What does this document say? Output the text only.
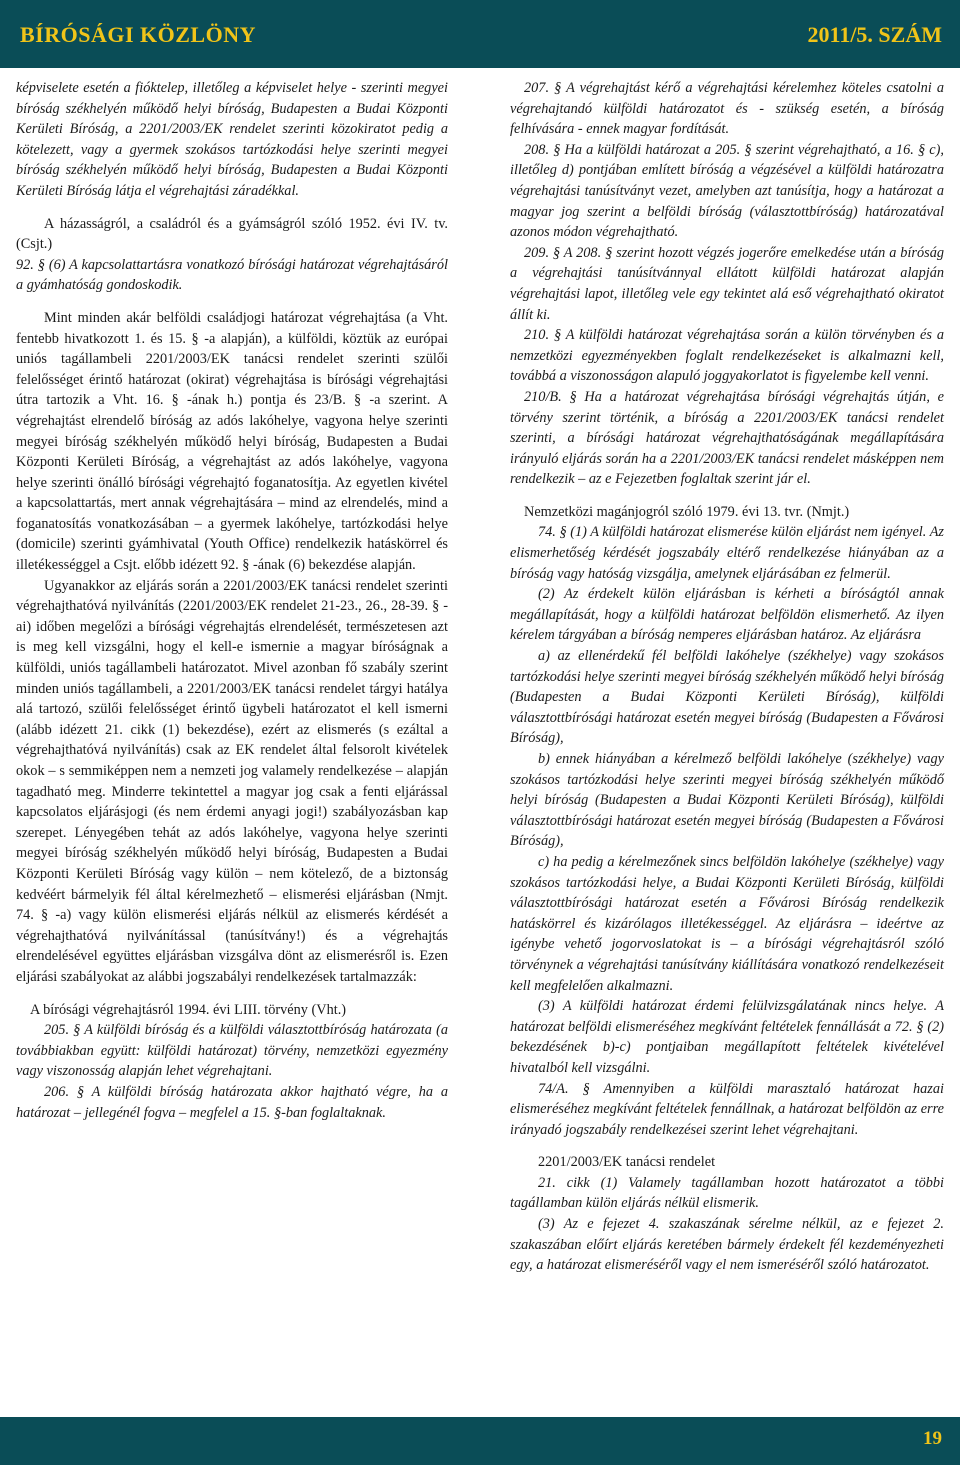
BÍRÓSÁGI KÖZLÖNY	2011/5. SZÁM

képviselete esetén a fióktelep, illetőleg a képviselet helye - szerinti megyei bíróság székhelyén működő helyi bíróság, Budapesten a Budai Központi Kerületi Bíróság, a 2201/2003/EK rendelet szerinti közokiratot pedig a kötelezett, vagy a gyermek szokásos tartózkodási helye szerinti megyei bíróság székhelyén működő helyi bíróság, Budapesten a Budai Központi Kerületi Bíróság látja el végrehajtási záradékkal.

A házasságról, a családról és a gyámságról szóló 1952. évi IV. tv. (Csjt.)

92. § (6) A kapcsolattartásra vonatkozó bírósági határozat végrehajtásáról a gyámhatóság gondoskodik.

Mint minden akár belföldi családjogi határozat végrehajtása (a Vht. fentebb hivatkozott 1. és 15. § -a alapján), a külföldi, köztük az európai uniós tagállambeli 2201/2003/EK tanácsi rendelet szerinti szülői felelősséget érintő határozat (okirat) végrehajtása is bírósági végrehajtási útra tartozik a Vht. 16. § -ának h.) pontja és 23/B. § -a szerint. A végrehajtást elrendelő bíróság az adós lakóhelye, vagyona helye szerinti megyei bíróság székhelyén működő helyi bíróság, Budapesten a Budai Központi Kerületi Bíróság, a végrehajtást az adós lakóhelye, vagyona helye szerinti önálló bírósági végrehajtó foganatosítja. Az egyetlen kivétel a kapcsolattartás, mert annak végrehajtására – mind az elrendelés, mind a foganatosítás vonatkozásában – a gyermek lakóhelye, tartózkodási helye (domicile) szerinti gyámhivatal (Youth Office) rendelkezik hatáskörrel és illetékességgel a Csjt. előbb idézett 92. § -ának (6) bekezdése alapján.

Ugyanakkor az eljárás során a 2201/2003/EK tanácsi rendelet szerinti végrehajthatóvá nyilvánítás (2201/2003/EK rendelet 21-23., 26., 28-39. § -ai) időben megelőzi a bírósági végrehajtás elrendelését, természetesen azt is meg kell vizsgálni, hogy el kell-e ismernie a magyar bíróságnak a külföldi, uniós tagállambeli határozatot. Mivel azonban fő szabály szerint minden uniós tagállambeli, a 2201/2003/EK tanácsi rendelet tárgyi hatálya alá tartozó, szülői felelősséget érintő ügybeli határozatot el kell ismerni (alább idézett 21. cikk (1) bekezdése), ezért az elismerés (s ezáltal a végrehajthatóvá nyilvánítás) csak az EK rendelet által felsorolt kivételek okok – s semmiképpen nem a nemzeti jog valamely rendelkezése – alapján tagadható meg. Minderre tekintettel a magyar jog csak a fenti eljárással kapcsolatos eljárásjogi (és nem érdemi anyagi jogi!) szabályozásban kap szerepet. Lényegében tehát az adós lakóhelye, vagyona helye szerinti megyei bíróság székhelyén működő helyi bíróság, Budapesten a Budai Központi Kerületi Bíróság vagy külön – nem kötelező, de a biztonság kedvéért bármelyik fél által kérelmezhető – elismerési eljárásban (Nmjt. 74. § -a) vagy külön elismerési eljárás nélkül az elismerés kérdését a végrehajthatóvá nyilvánítással (tanúsítvány!) és a végrehajtás elrendelésével együttes eljárásban vizsgálva dönt az elismerésről is. Ezen eljárási szabályokat az alábbi jogszabályi rendelkezések tartalmazzák:

A bírósági végrehajtásról 1994. évi LIII. törvény (Vht.)

205. § A külföldi bíróság és a külföldi választottbíróság határozata (a továbbiakban együtt: külföldi határozat) törvény, nemzetközi egyezmény vagy viszonosság alapján lehet végrehajtani.

206. § A külföldi bíróság határozata akkor hajtható végre, ha a határozat – jellegénél fogva – megfelel a 15. §-ban foglaltaknak.

207. § A végrehajtást kérő a végrehajtási kérelemhez köteles csatolni a végrehajtandó külföldi határozatot és - szükség esetén, a bíróság felhívására - ennek magyar fordítását.

208. § Ha a külföldi határozat a 205. § szerint végrehajtható, a 16. § c), illetőleg d) pontjában említett bíróság a végzésével a külföldi határozatra végrehajtási tanúsítványt vezet, amelyben azt tanúsítja, hogy a határozat a magyar jog szerint a belföldi bíróság (választottbíróság) határozatával azonos módon végrehajtható.

209. § A 208. § szerint hozott végzés jogerőre emelkedése után a bíróság a végrehajtási tanúsítvánnyal ellátott külföldi határozat alapján végrehajtási lapot, illetőleg vele egy tekintet alá eső végrehajtható okiratot állít ki.

210. § A külföldi határozat végrehajtása során a külön törvényben és a nemzetközi egyezményekben foglalt rendelkezéseket is alkalmazni kell, továbbá a viszonosságon alapuló joggyakorlatot is figyelembe kell venni.

210/B. § Ha a határozat végrehajtása bírósági végrehajtás útján, e törvény szerint történik, a bíróság a 2201/2003/EK tanácsi rendelet szerinti, a bírósági határozat végrehajthatóságának megállapítására irányuló eljárás során ha a 2201/2003/EK tanácsi rendelet másképpen nem rendelkezik – az e Fejezetben foglaltak szerint jár el.

Nemzetközi magánjogról szóló 1979. évi 13. tvr. (Nmjt.)

74. § (1) A külföldi határozat elismerése külön eljárást nem igényel. Az elismerhetőség kérdését jogszabály eltérő rendelkezése hiányában az a bíróság vagy hatóság vizsgálja, amelynek eljárásában ez felmerül.

(2) Az érdekelt külön eljárásban is kérheti a bíróságtól annak megállapítását, hogy a külföldi határozat belföldön elismerhető. Az ilyen kérelem tárgyában a bíróság nemperes eljárásban határoz. Az eljárásra

a) az ellenérdekű fél belföldi lakóhelye (székhelye) vagy szokásos tartózkodási helye szerinti megyei bíróság székhelyén működő helyi bíróság (Budapesten a Budai Központi Kerületi Bíróság), külföldi választottbírósági határozat esetén megyei bíróság (Budapesten a Fővárosi Bíróság),

b) ennek hiányában a kérelmező belföldi lakóhelye (székhelye) vagy szokásos tartózkodási helye szerinti megyei bíróság székhelyén működő helyi bíróság (Budapesten a Budai Központi Kerületi Bíróság), külföldi választottbírósági határozat esetén megyei bíróság (Budapesten a Fővárosi Bíróság),

c) ha pedig a kérelmezőnek sincs belföldön lakóhelye (székhelye) vagy szokásos tartózkodási helye, a Budai Központi Kerületi Bíróság, külföldi választottbírósági határozat esetén a Fővárosi Bíróság rendelkezik hatáskörrel és kizárólagos illetékességgel. Az eljárásra – ideértve az igénybe vehető jogorvoslatokat is – a bírósági végrehajtásról szóló törvénynek a végrehajtási tanúsítvány kiállítására vonatkozó rendelkezéseit kell megfelelően alkalmazni.

(3) A külföldi határozat érdemi felülvizsgálatának nincs helye. A határozat belföldi elismeréséhez megkívánt feltételek fennállását a 72. § (2) bekezdésének b)-c) pontjaiban megállapított feltételek kivételével hivatalból kell vizsgálni.

74/A. § Amennyiben a külföldi marasztaló határozat hazai elismeréséhez megkívánt feltételek fennállnak, a határozat belföldön az erre irányadó jogszabály rendelkezései szerint lehet végrehajtani.

2201/2003/EK tanácsi rendelet

21. cikk (1) Valamely tagállamban hozott határozatot a többi tagállamban külön eljárás nélkül elismerik.

(3) Az e fejezet 4. szakaszának sérelme nélkül, az e fejezet 2. szakaszában előírt eljárás keretében bármely érdekelt fél kezdeményezheti egy, a határozat elismeréséről vagy el nem ismeréséről szóló határozatot.

19
